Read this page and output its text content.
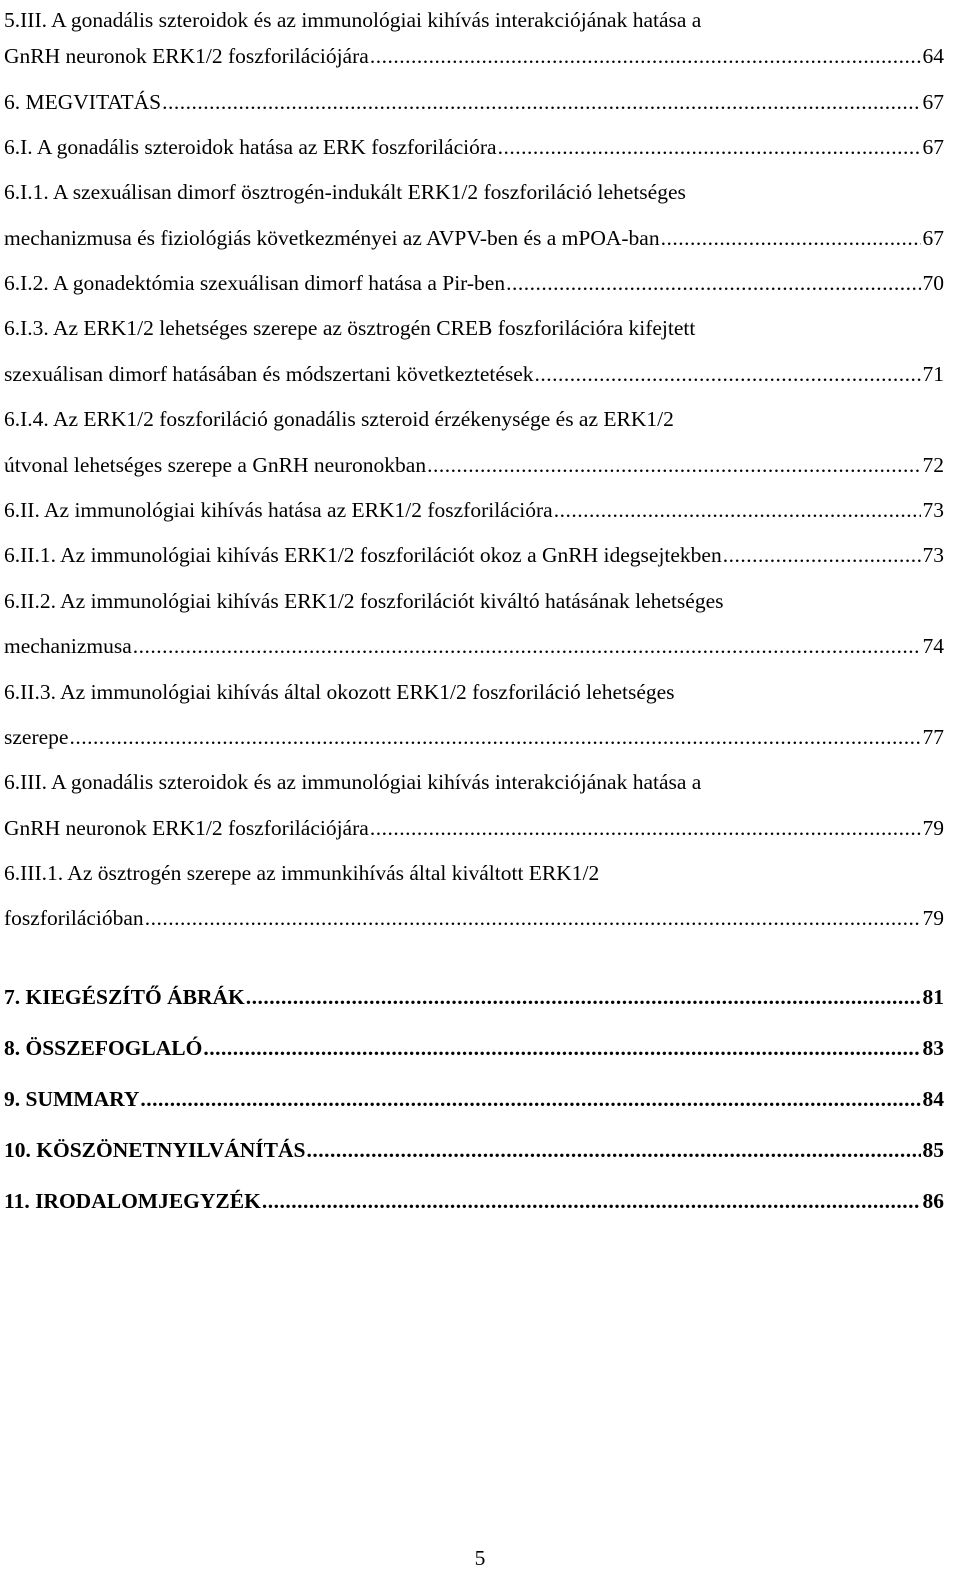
5.III. A gonadális szteroidok és az immunológiai kihívás interakciójának hatása a
GnRH neuronok ERK1/2 foszforilációjára .....	64
6. MEGVITATÁS .....	67
6.I. A gonadális szteroidok hatása az ERK foszforilációra .....	67
6.I.1. A szexuálisan dimorf ösztrogén-indukált ERK1/2 foszforiláció lehetséges
mechanizmusa és fiziológiás következményei az AVPV-ben és a mPOA-ban .....	67
6.I.2. A gonadektómia szexuálisan dimorf hatása a Pir-ben .....	70
6.I.3. Az ERK1/2 lehetséges szerepe az ösztrogén CREB foszforilációra kifejtett
szexuálisan dimorf hatásában és módszertani következtetések .....	71
6.I.4. Az ERK1/2 foszforiláció gonadális szteroid érzékenysége és az ERK1/2
útvonal lehetséges szerepe a GnRH neuronokban .....	72
6.II. Az immunológiai kihívás hatása az ERK1/2 foszforilációra .....	73
6.II.1. Az immunológiai kihívás ERK1/2 foszforilációt okoz a GnRH idegsejtekben .....	73
6.II.2. Az immunológiai kihívás ERK1/2 foszforilációt kiváltó hatásának lehetséges
mechanizmusa .....	74
6.II.3. Az immunológiai kihívás által okozott ERK1/2 foszforiláció lehetséges
szerepe .....	77
6.III. A gonadális szteroidok és az immunológiai kihívás interakciójának hatása a
GnRH neuronok ERK1/2 foszforilációjára .....	79
6.III.1. Az ösztrogén szerepe az immunkihívás által kiváltott ERK1/2
foszforilációban .....	79
7. KIEGÉSZÍTŐ ÁBRÁK .....	81
8. ÖSSZEFOGLALÓ .....	83
9. SUMMARY .....	84
10. KÖSZÖNETNYILVÁNÍTÁS .....	85
11. IRODALOMJEGYZÉK .....	86
5
